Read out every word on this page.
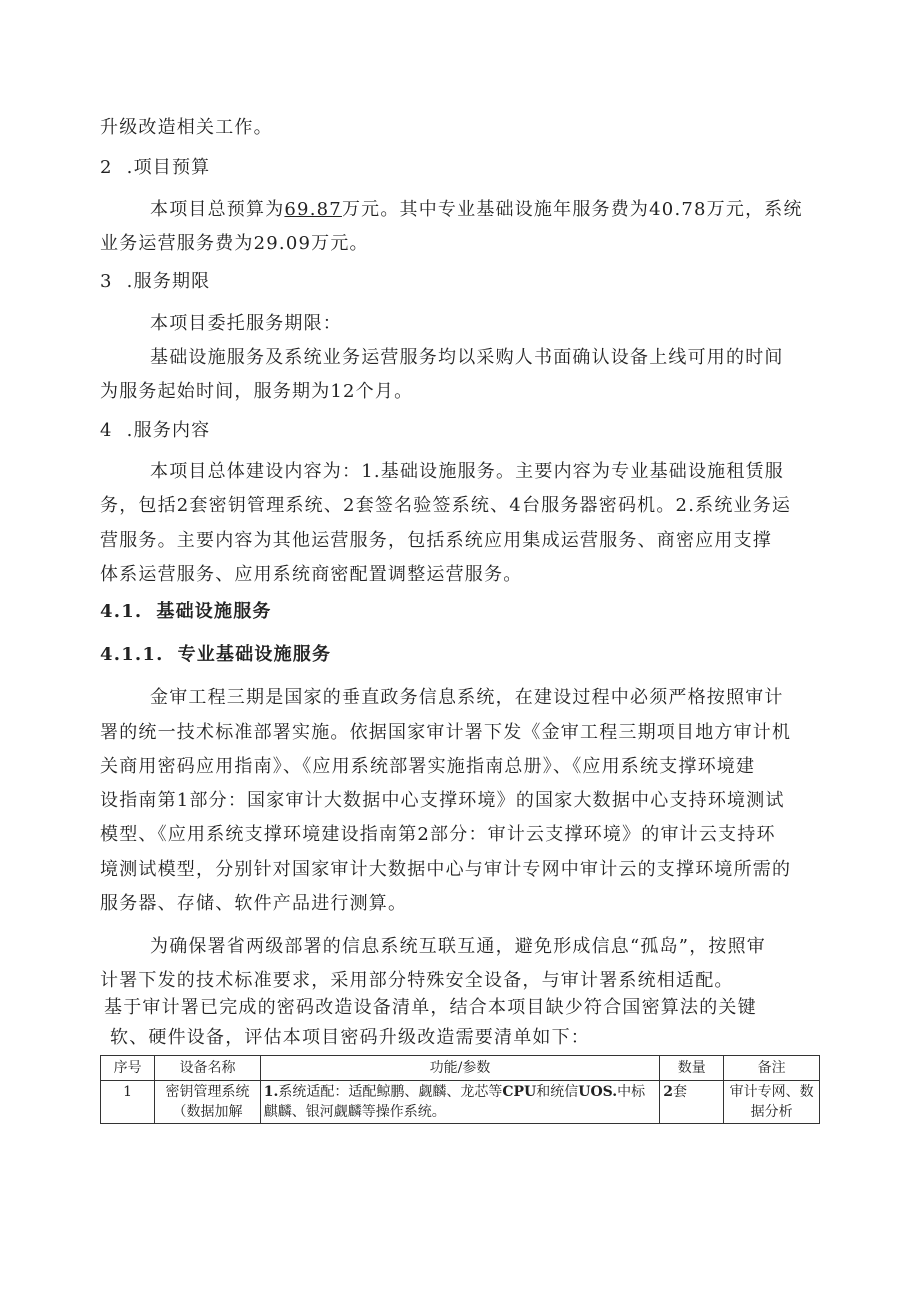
升级改造相关工作。
2 .项目预算
本项目总预算为69.87万元。其中专业基础设施年服务费为40.78万元，系统
业务运营服务费为29.09万元。
3 .服务期限
本项目委托服务期限：
基础设施服务及系统业务运营服务均以采购人书面确认设备上线可用的时间
为服务起始时间，服务期为12个月。
4 .服务内容
本项目总体建设内容为：1.基础设施服务。主要内容为专业基础设施租赁服
务，包括2套密钥管理系统、2套签名验签系统、4台服务器密码机。2.系统业务运
营服务。主要内容为其他运营服务，包括系统应用集成运营服务、商密应用支撑
体系运营服务、应用系统商密配置调整运营服务。
4.1. 基础设施服务
4.1.1. 专业基础设施服务
金审工程三期是国家的垂直政务信息系统，在建设过程中必须严格按照审计
署的统一技术标准部署实施。依据国家审计署下发《金审工程三期项目地方审计机
关商用密码应用指南》、《应用系统部署实施指南总册》、《应用系统支撑环境建
设指南第1部分：国家审计大数据中心支撑环境》的国家大数据中心支持环境测试
模型、《应用系统支撑环境建设指南第2部分：审计云支撑环境》的审计云支持环
境测试模型，分别针对国家审计大数据中心与审计专网中审计云的支撑环境所需的
服务器、存储、软件产品进行测算。
为确保署省两级部署的信息系统互联互通，避免形成信息“孤岛”，按照审
计署下发的技术标准要求，采用部分特殊安全设备，与审计署系统相适配。
基于审计署已完成的密码改造设备清单，结合本项目缺少符合国密算法的关键
软、硬件设备，评估本项目密码升级改造需要清单如下：
序号	设备名称	功能/参数	数量	备注
1	密钥管理系统（数据加解	1.系统适配：适配鲸鹏、觑麟、龙芯等CPU和统信UOS.中标麒麟、银河觑麟等操作系统。	2套	审计专网、数据分析
